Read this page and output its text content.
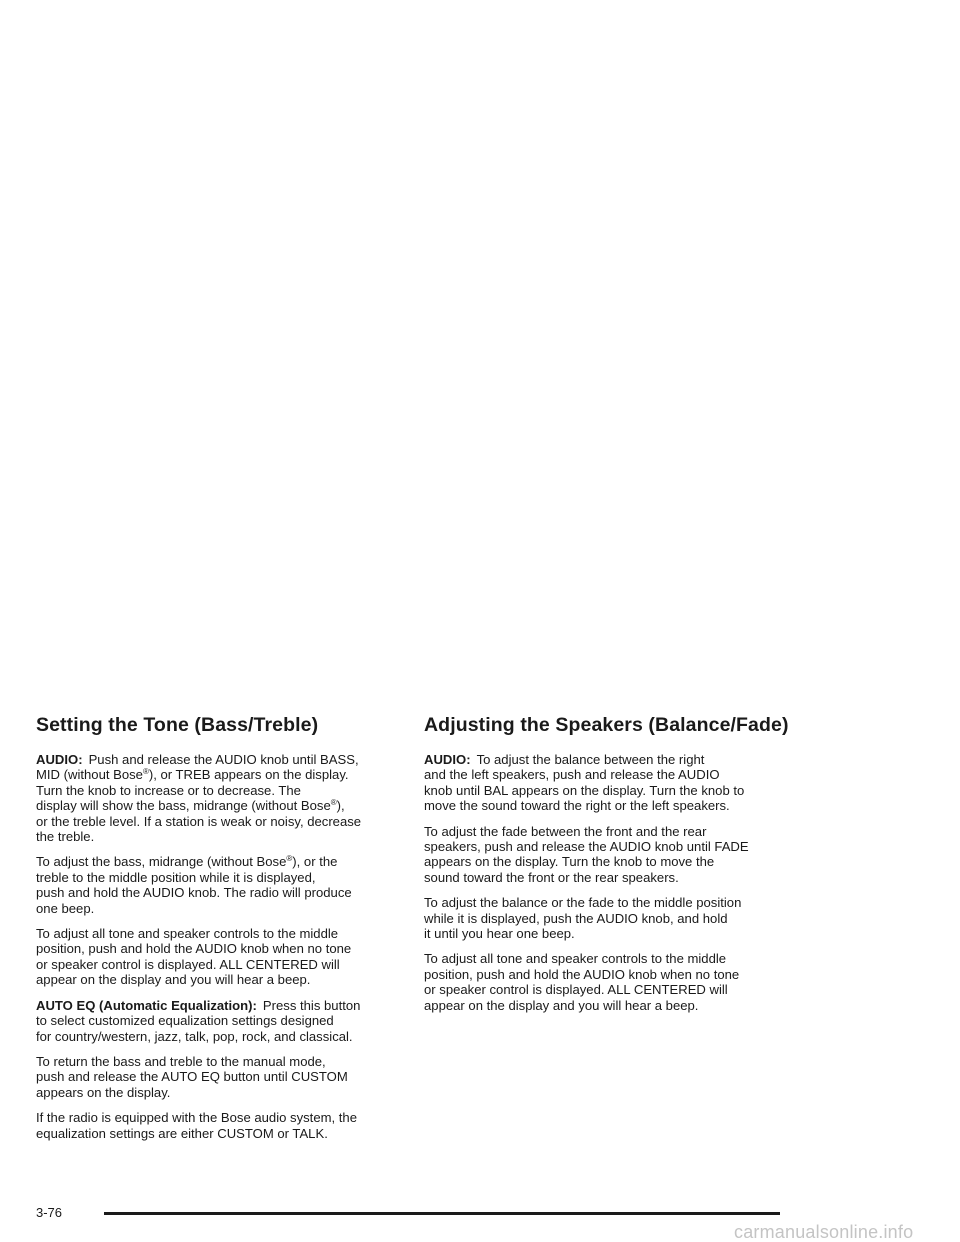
Setting the Tone (Bass/Treble)

AUDIO: Push and release the AUDIO knob until BASS,
MID (without Bose®), or TREB appears on the display.
Turn the knob to increase or to decrease. The
display will show the bass, midrange (without Bose®),
or the treble level. If a station is weak or noisy, decrease
the treble.

To adjust the bass, midrange (without Bose®), or the
treble to the middle position while it is displayed,
push and hold the AUDIO knob. The radio will produce
one beep.

To adjust all tone and speaker controls to the middle
position, push and hold the AUDIO knob when no tone
or speaker control is displayed. ALL CENTERED will
appear on the display and you will hear a beep.

AUTO EQ (Automatic Equalization): Press this button
to select customized equalization settings designed
for country/western, jazz, talk, pop, rock, and classical.

To return the bass and treble to the manual mode,
push and release the AUTO EQ button until CUSTOM
appears on the display.

If the radio is equipped with the Bose audio system, the
equalization settings are either CUSTOM or TALK.

Adjusting the Speakers (Balance/Fade)

AUDIO: To adjust the balance between the right
and the left speakers, push and release the AUDIO
knob until BAL appears on the display. Turn the knob to
move the sound toward the right or the left speakers.

To adjust the fade between the front and the rear
speakers, push and release the AUDIO knob until FADE
appears on the display. Turn the knob to move the
sound toward the front or the rear speakers.

To adjust the balance or the fade to the middle position
while it is displayed, push the AUDIO knob, and hold
it until you hear one beep.

To adjust all tone and speaker controls to the middle
position, push and hold the AUDIO knob when no tone
or speaker control is displayed. ALL CENTERED will
appear on the display and you will hear a beep.

3-76
carmanualsonline.info
